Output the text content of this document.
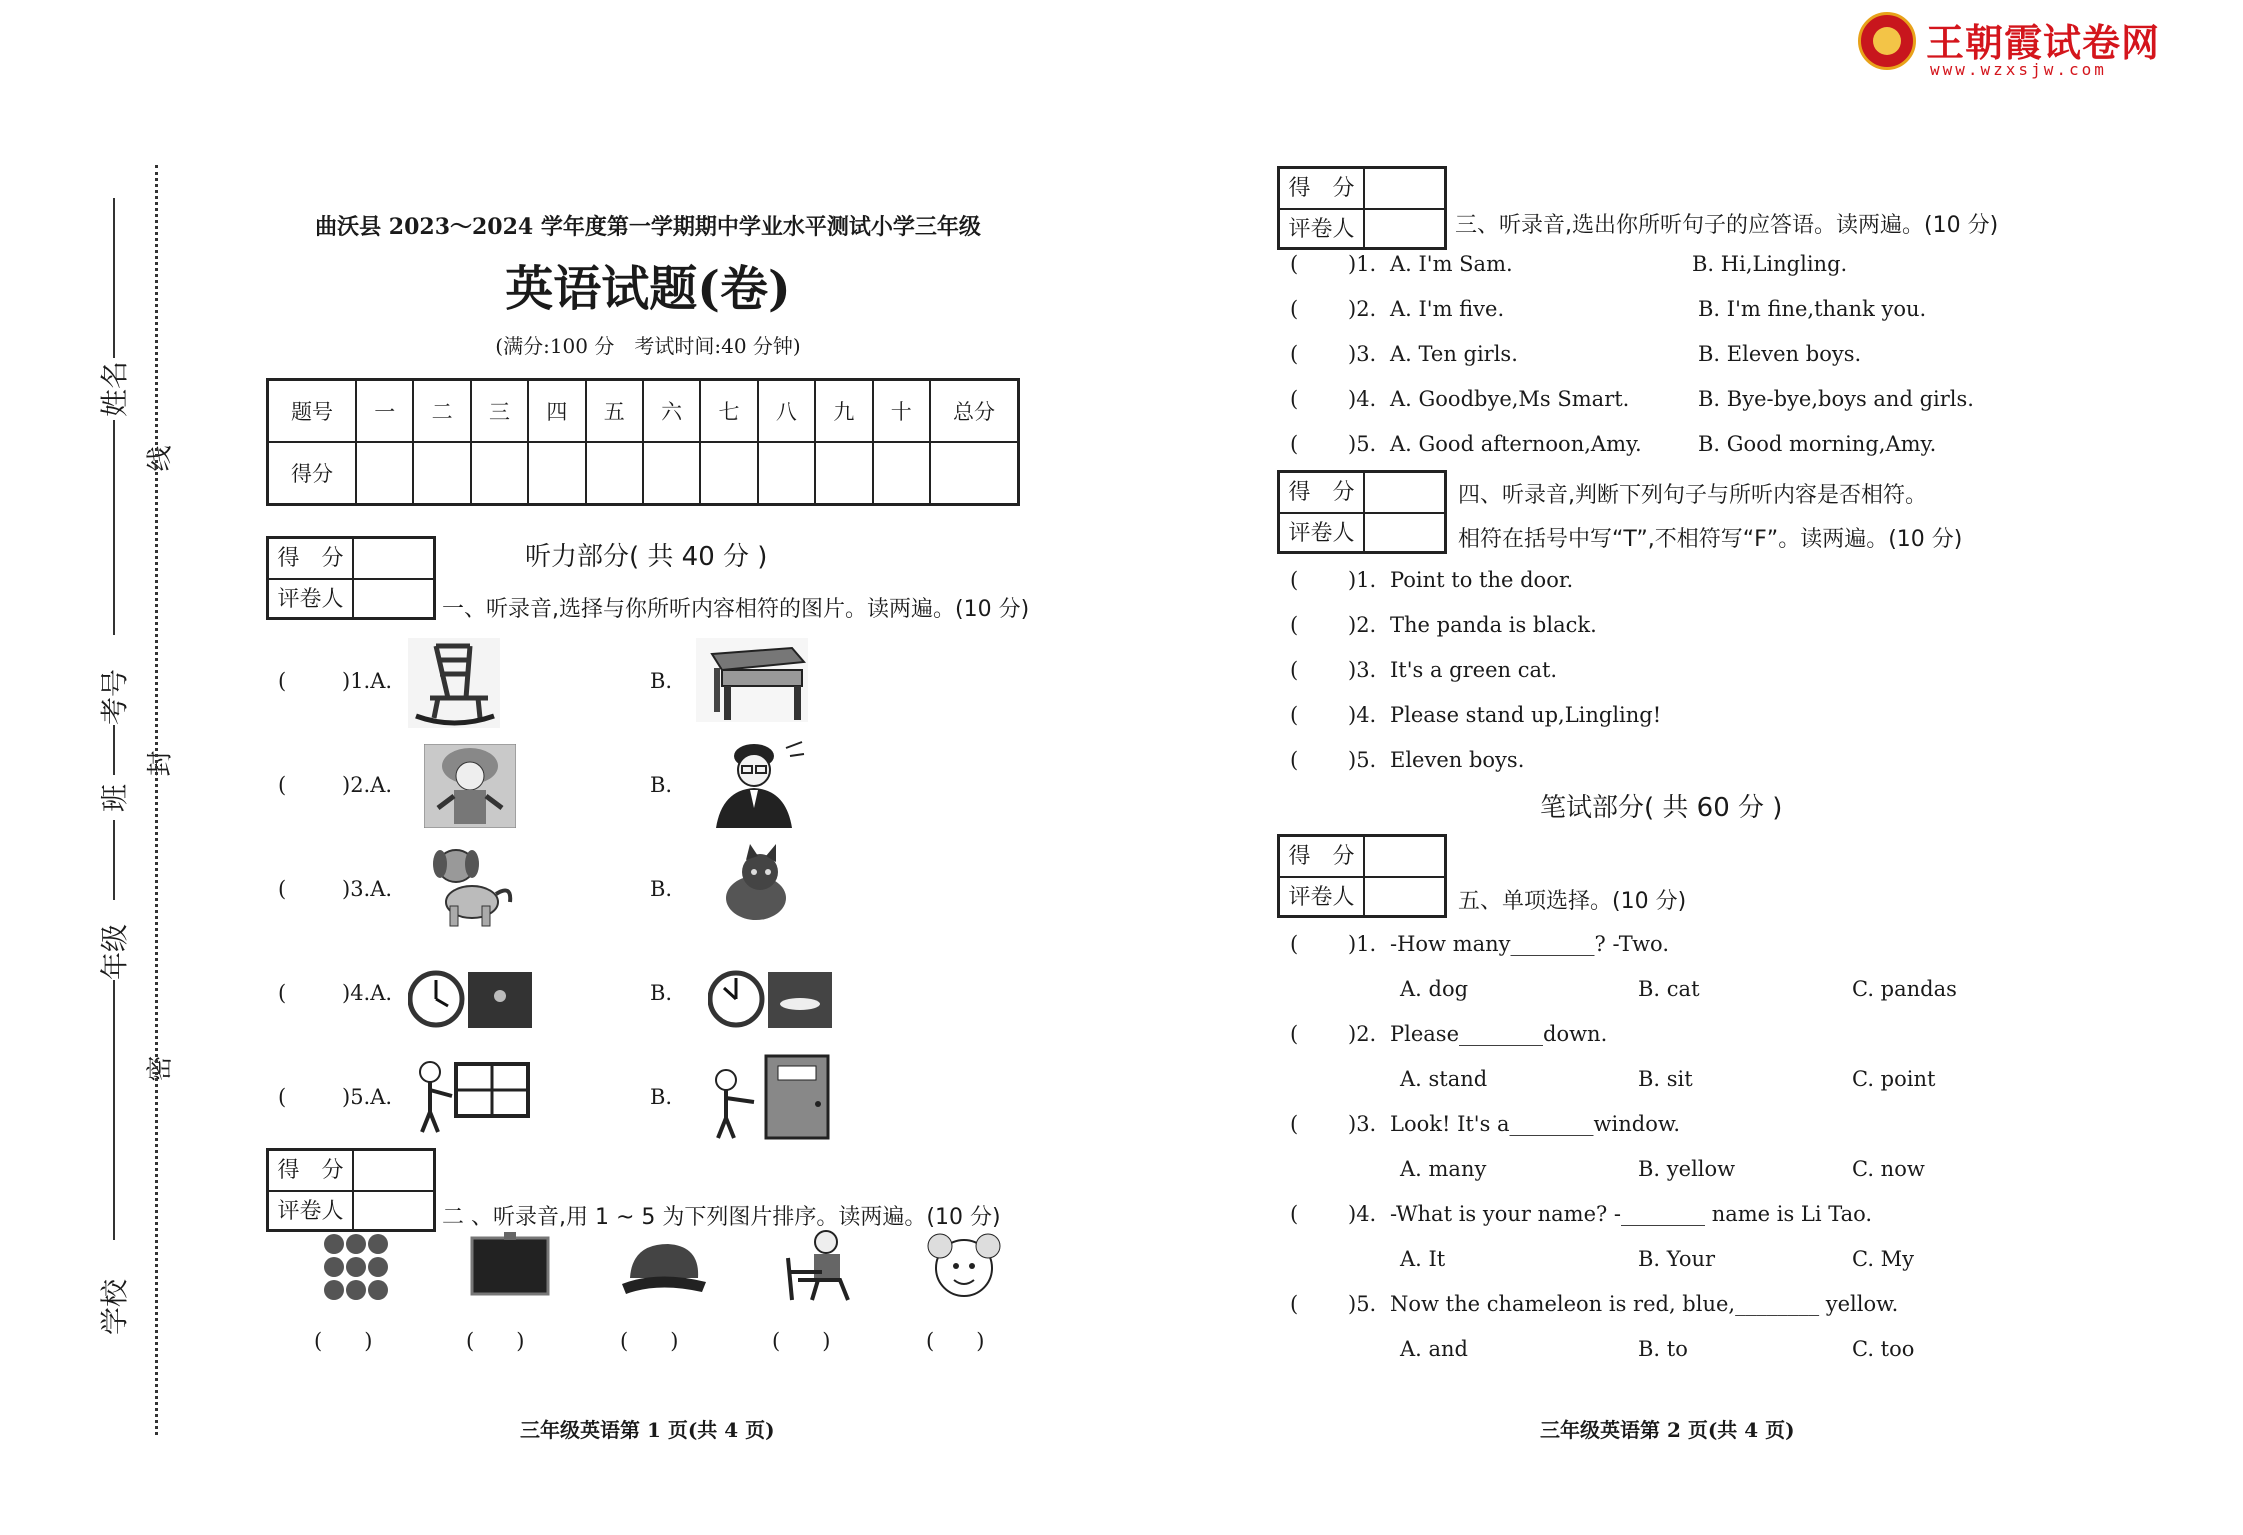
王朝霞试卷网
www.wzxsjw.com
姓名
考号
班
年级
学校
线
封
密
曲沃县 2023～2024 学年度第一学期期中学业水平测试小学三年级
英语试题(卷)
(满分:100 分　考试时间:40 分钟)
题号	一	二	三	四	五	六	七	八	九	十	总分
得分											
得　分
评卷人
听力部分( 共 40 分 )
一、听录音,选择与你所听内容相符的图片。读两遍。(10 分)
(	)1.A.	B.
(	)2.A.	B.
(	)3.A.	B.
(	)4.A.	B.
(	)5.A.	B.
得　分
评卷人	二 、听录音,用 1 ~ 5 为下列图片排序。读两遍。(10 分)
(　　)	(　　)	(　　)	(　　)	(　　)
三年级英语第 1 页(共 4 页)
得　分
评卷人	三、听录音,选出你所听句子的应答语。读两遍。(10 分)
( )1. A. I'm Sam.	B. Hi,Lingling.
( )2. A. I'm five.	B. I'm fine,thank you.
( )3. A. Ten girls.	B. Eleven boys.
( )4. A. Goodbye,Ms Smart.	B. Bye-bye,boys and girls.
( )5. A. Good afternoon,Amy.	B. Good morning,Amy.
得　分
评卷人
四、听录音,判断下列句子与所听内容是否相符。
相符在括号中写“T”,不相符写“F”。读两遍。(10 分)
( )1. Point to the door.
( )2. The panda is black.
( )3. It's a green cat.
( )4. Please stand up,Lingling!
( )5. Eleven boys.
笔试部分( 共 60 分 )
得　分
评卷人	五、单项选择。(10 分)
( )1. -How many________? -Two.
A. dog	B. cat	C. pandas
( )2. Please________down.
A. stand	B. sit	C. point
( )3. Look! It's a________window.
A. many	B. yellow	C. now
( )4. -What is your name? -________ name is Li Tao.
A. It	B. Your	C. My
( )5. Now the chameleon is red, blue,________ yellow.
A. and	B. to	C. too
三年级英语第 2 页(共 4 页)
